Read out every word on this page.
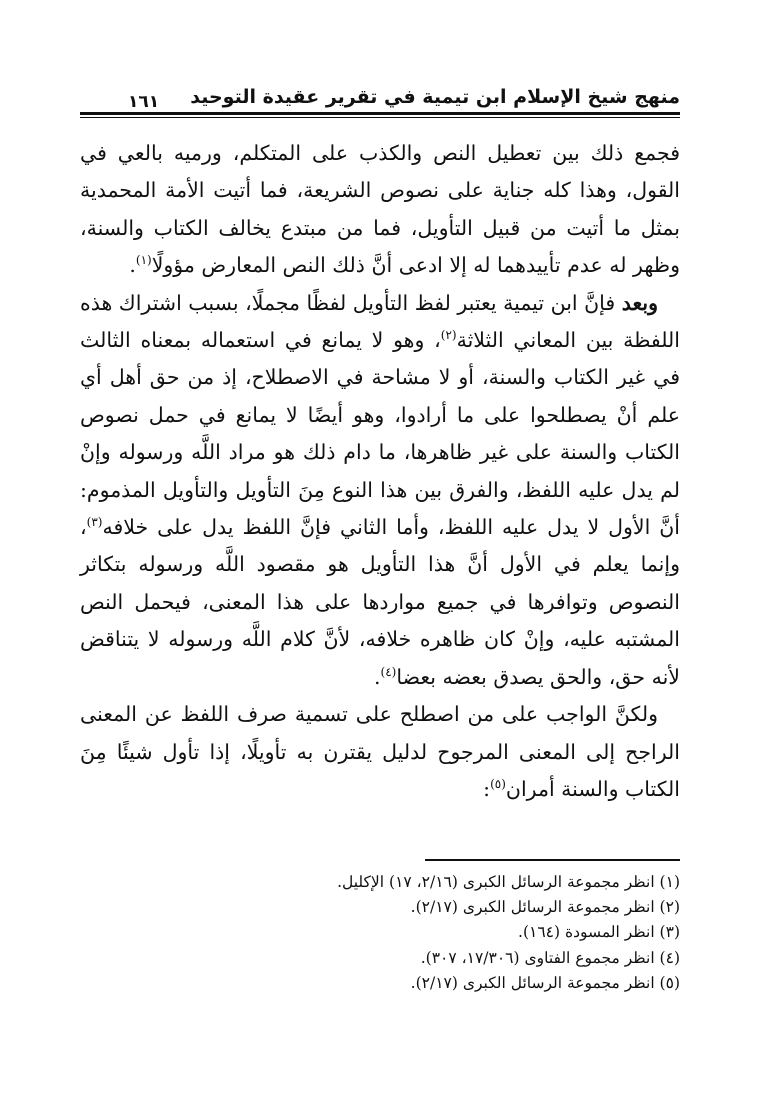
منهج شيخ الإسلام ابن تيمية في تقرير عقيدة التوحيد
١٦١

فجمع ذلك بين تعطيل النص والكذب على المتكلم، ورميه بالعي في القول، وهذا كله جناية على نصوص الشريعة، فما أتيت الأمة المحمدية بمثل ما أتيت من قبيل التأويل، فما من مبتدع يخالف الكتاب والسنة، وظهر له عدم تأييدهما له إلا ادعى أنَّ ذلك النص المعارض مؤولًا$^{(١)}$.

وبعد فإنَّ ابن تيمية يعتبر لفظ التأويل لفظًا مجملًا، بسبب اشتراك هذه اللفظة بين المعاني الثلاثة$^{(٢)}$، وهو لا يمانع في استعماله بمعناه الثالث في غير الكتاب والسنة، أو لا مشاحة في الاصطلاح، إذ من حق أهل أي علم أنْ يصطلحوا على ما أرادوا، وهو أيضًا لا يمانع في حمل نصوص الكتاب والسنة على غير ظاهرها، ما دام ذلك هو مراد اللَّه ورسوله وإنْ لم يدل عليه اللفظ، والفرق بين هذا النوع مِنَ التأويل والتأويل المذموم: أنَّ الأول لا يدل عليه اللفظ، وأما الثاني فإنَّ اللفظ يدل على خلافه$^{(٣)}$، وإنما يعلم في الأول أنَّ هذا التأويل هو مقصود اللَّه ورسوله بتكاثر النصوص وتوافرها في جميع مواردها على هذا المعنى، فيحمل النص المشتبه عليه، وإنْ كان ظاهره خلافه، لأنَّ كلام اللَّه ورسوله لا يتناقض لأنه حق، والحق يصدق بعضه بعضا$^{(٤)}$.

ولكنَّ الواجب على من اصطلح على تسمية صرف اللفظ عن المعنى الراجح إلى المعنى المرجوح لدليل يقترن به تأويلًا، إذا تأول شيئًا مِنَ الكتاب والسنة أمران$^{(٥)}$:

(١) انظر مجموعة الرسائل الكبرى (٢/١٦، ١٧) الإكليل.
(٢) انظر مجموعة الرسائل الكبرى (٢/١٧).
(٣) انظر المسودة (١٦٤).
(٤) انظر مجموع الفتاوى (١٧/٣٠٦، ٣٠٧).
(٥) انظر مجموعة الرسائل الكبرى (٢/١٧).
